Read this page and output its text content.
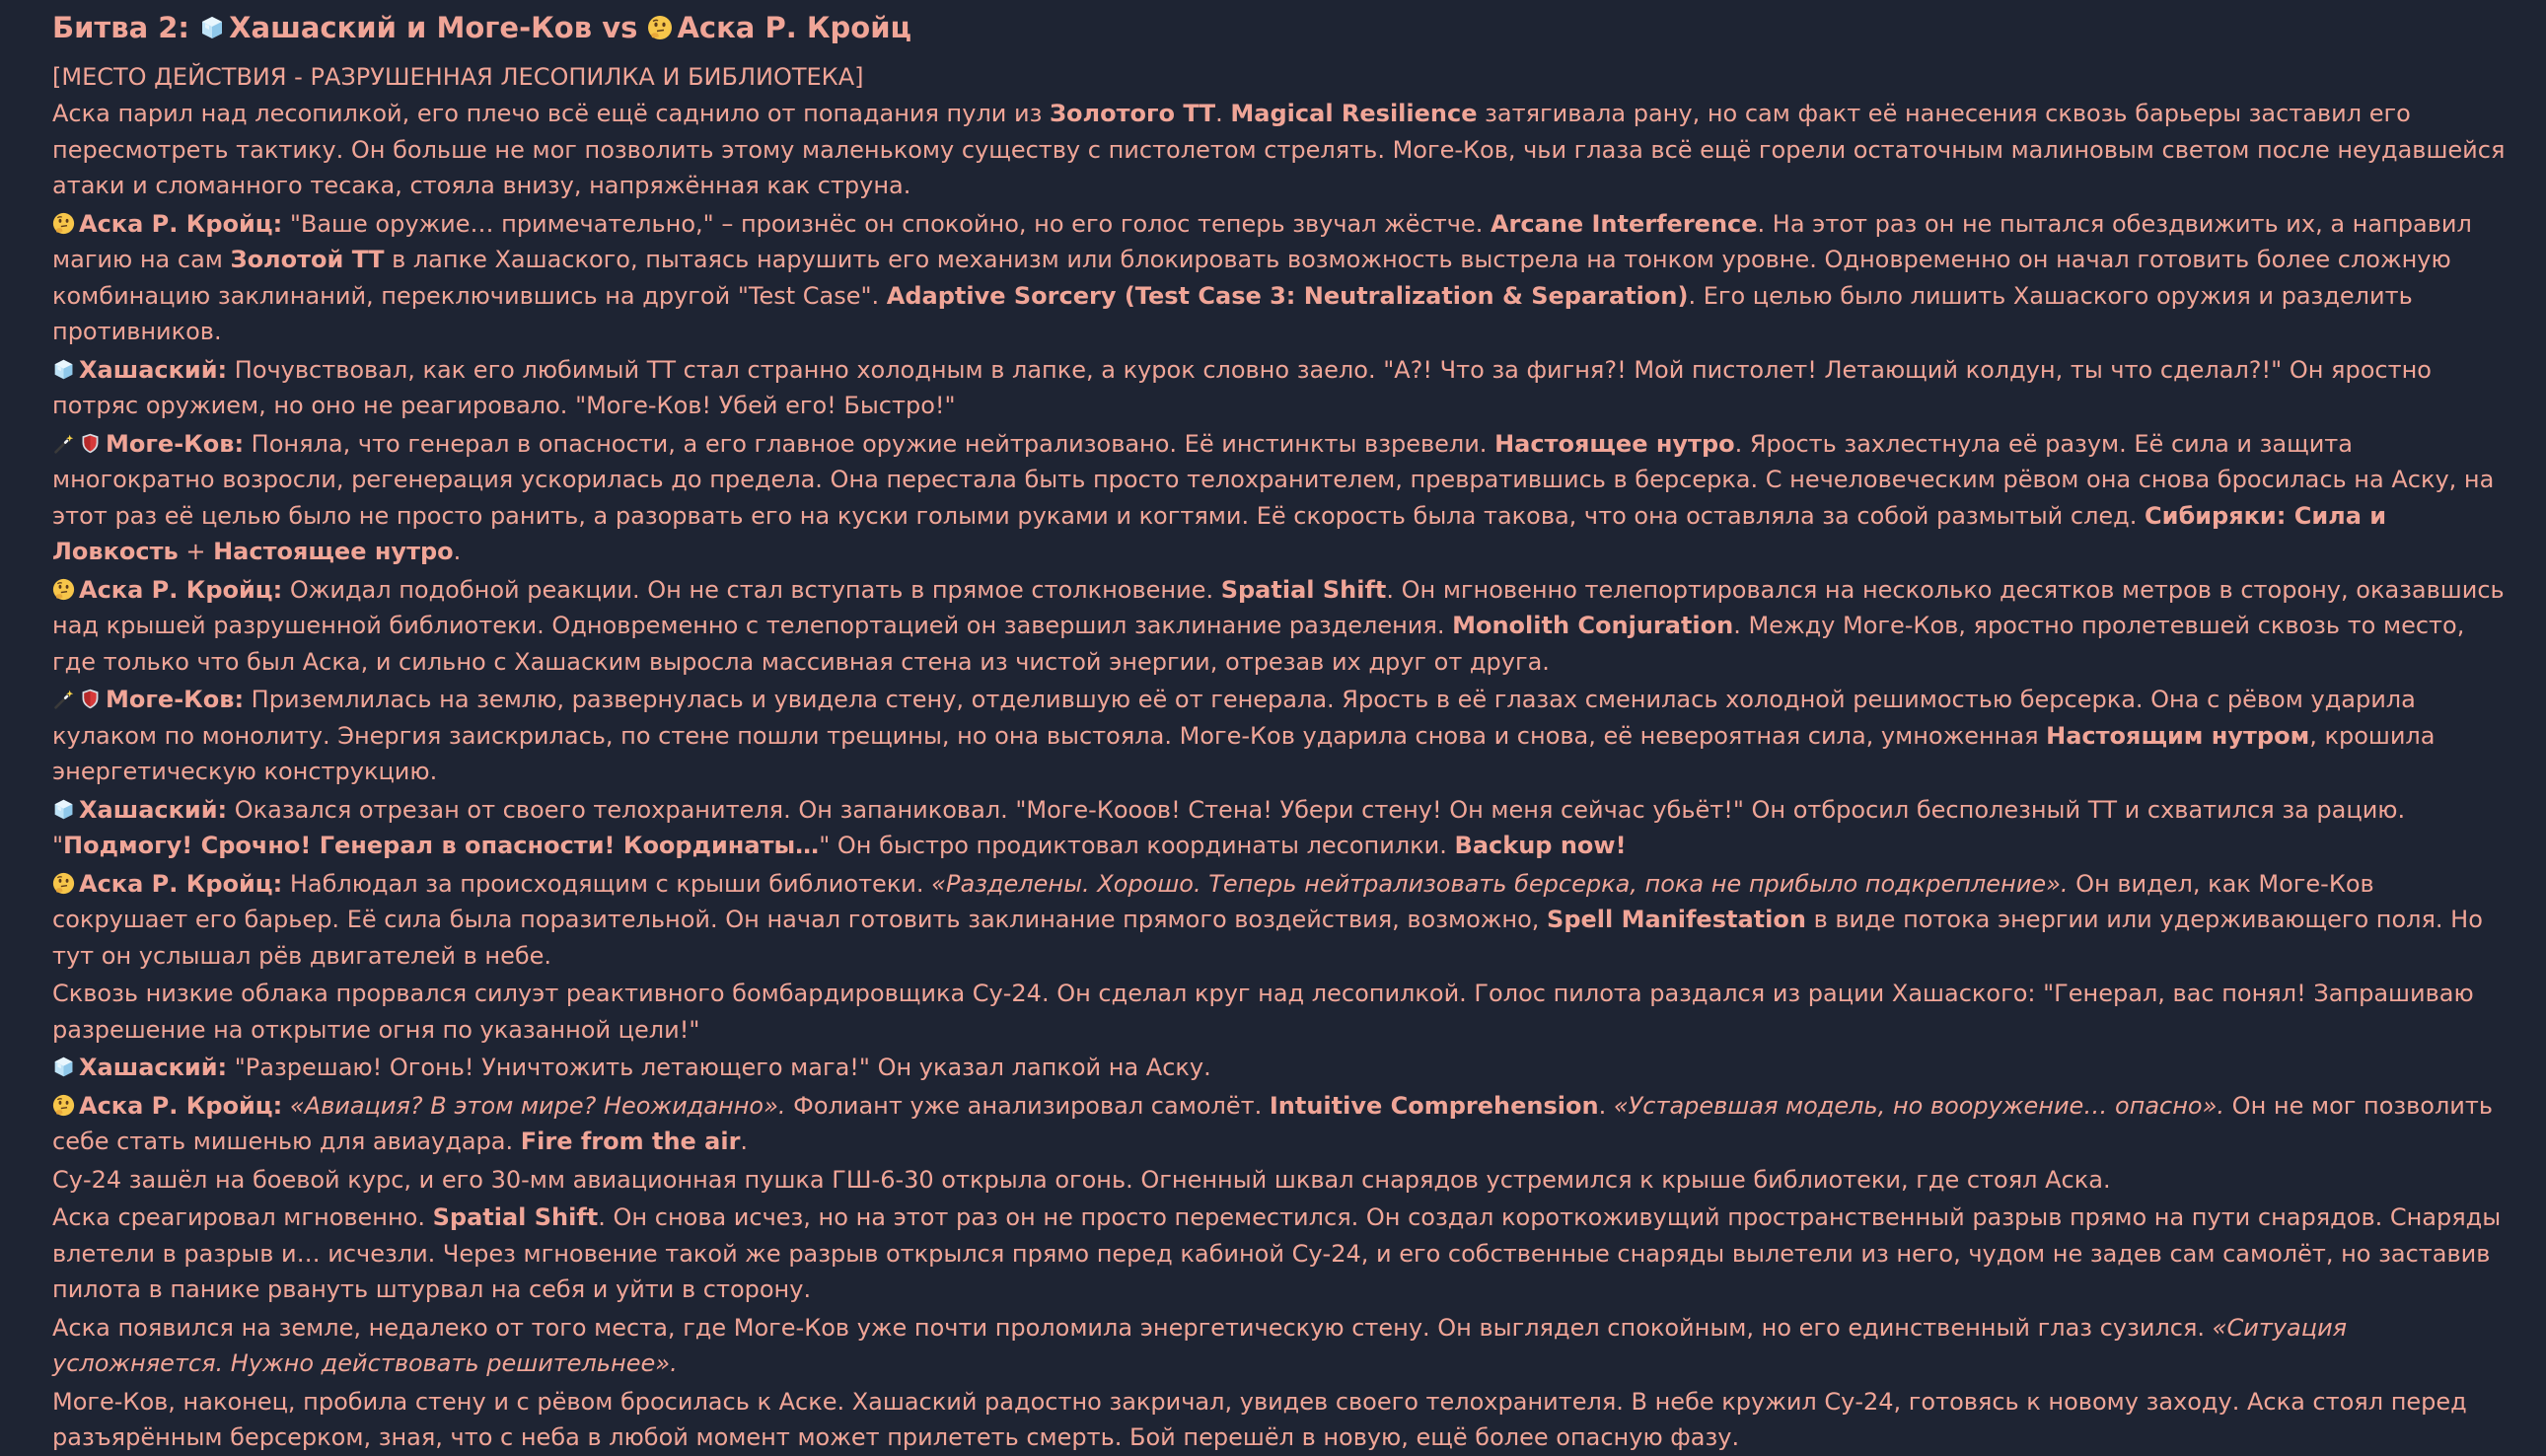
Битва 2: Хашаский и Моге-Ков vs Аска Р. Кройц
[МЕСТО ДЕЙСТВИЯ - РАЗРУШЕННАЯ ЛЕСОПИЛКА И БИБЛИОТЕКА]
Аска парил над лесопилкой, его плечо всё ещё саднило от попадания пули из Золотого ТТ. Magical Resilience затягивала рану, но сам факт её нанесения сквозь барьеры заставил его пересмотреть тактику. Он больше не мог позволить этому маленькому существу с пистолетом стрелять. Моге-Ков, чьи глаза всё ещё горели остаточным малиновым светом после неудавшейся атаки и сломанного тесака, стояла внизу, напряжённая как струна.
Аска Р. Кройц: "Ваше оружие… примечательно," – произнёс он спокойно, но его голос теперь звучал жёстче. Arcane Interference. На этот раз он не пытался обездвижить их, а направил магию на сам Золотой ТТ в лапке Хашаского, пытаясь нарушить его механизм или блокировать возможность выстрела на тонком уровне. Одновременно он начал готовить более сложную комбинацию заклинаний, переключившись на другой "Test Case". Adaptive Sorcery (Test Case 3: Neutralization & Separation). Его целью было лишить Хашаского оружия и разделить противников.
Хашаский: Почувствовал, как его любимый ТТ стал странно холодным в лапке, а курок словно заело. "А?! Что за фигня?! Мой пистолет! Летающий колдун, ты что сделал?!" Он яростно потряс оружием, но оно не реагировало. "Моге-Ков! Убей его! Быстро!"
Моге-Ков: Поняла, что генерал в опасности, а его главное оружие нейтрализовано. Её инстинкты взревели. Настоящее нутро. Ярость захлестнула её разум. Её сила и защита многократно возросли, регенерация ускорилась до предела. Она перестала быть просто телохранителем, превратившись в берсерка. С нечеловеческим рёвом она снова бросилась на Аску, на этот раз её целью было не просто ранить, а разорвать его на куски голыми руками и когтями. Её скорость была такова, что она оставляла за собой размытый след. Сибиряки: Сила и Ловкость + Настоящее нутро.
Аска Р. Кройц: Ожидал подобной реакции. Он не стал вступать в прямое столкновение. Spatial Shift. Он мгновенно телепортировался на несколько десятков метров в сторону, оказавшись над крышей разрушенной библиотеки. Одновременно с телепортацией он завершил заклинание разделения. Monolith Conjuration. Между Моге-Ков, яростно пролетевшей сквозь то место, где только что был Аска, и сильно с Хашаским выросла массивная стена из чистой энергии, отрезав их друг от друга.
Моге-Ков: Приземлилась на землю, развернулась и увидела стену, отделившую её от генерала. Ярость в её глазах сменилась холодной решимостью берсерка. Она с рёвом ударила кулаком по монолиту. Энергия заискрилась, по стене пошли трещины, но она выстояла. Моге-Ков ударила снова и снова, её невероятная сила, умноженная Настоящим нутром, крошила энергетическую конструкцию.
Хашаский: Оказался отрезан от своего телохранителя. Он запаниковал. "Моге-Кооов! Стена! Убери стену! Он меня сейчас убьёт!" Он отбросил бесполезный ТТ и схватился за рацию. "Подмогу! Срочно! Генерал в опасности! Координаты…" Он быстро продиктовал координаты лесопилки. Backup now!
Аска Р. Кройц: Наблюдал за происходящим с крыши библиотеки. «Разделены. Хорошо. Теперь нейтрализовать берсерка, пока не прибыло подкрепление». Он видел, как Моге-Ков сокрушает его барьер. Её сила была поразительной. Он начал готовить заклинание прямого воздействия, возможно, Spell Manifestation в виде потока энергии или удерживающего поля. Но тут он услышал рёв двигателей в небе.
Сквозь низкие облака прорвался силуэт реактивного бомбардировщика Су-24. Он сделал круг над лесопилкой. Голос пилота раздался из рации Хашаского: "Генерал, вас понял! Запрашиваю разрешение на открытие огня по указанной цели!"
Хашаский: "Разрешаю! Огонь! Уничтожить летающего мага!" Он указал лапкой на Аску.
Аска Р. Кройц: «Авиация? В этом мире? Неожиданно». Фолиант уже анализировал самолёт. Intuitive Comprehension. «Устаревшая модель, но вооружение… опасно». Он не мог позволить себе стать мишенью для авиаудара. Fire from the air.
Су-24 зашёл на боевой курс, и его 30-мм авиационная пушка ГШ-6-30 открыла огонь. Огненный шквал снарядов устремился к крыше библиотеки, где стоял Аска.
Аска среагировал мгновенно. Spatial Shift. Он снова исчез, но на этот раз он не просто переместился. Он создал короткоживущий пространственный разрыв прямо на пути снарядов. Снаряды влетели в разрыв и… исчезли. Через мгновение такой же разрыв открылся прямо перед кабиной Су-24, и его собственные снаряды вылетели из него, чудом не задев сам самолёт, но заставив пилота в панике рвануть штурвал на себя и уйти в сторону.
Аска появился на земле, недалеко от того места, где Моге-Ков уже почти проломила энергетическую стену. Он выглядел спокойным, но его единственный глаз сузился. «Ситуация усложняется. Нужно действовать решительнее».
Моге-Ков, наконец, пробила стену и с рёвом бросилась к Аске. Хашаский радостно закричал, увидев своего телохранителя. В небе кружил Су-24, готовясь к новому заходу. Аска стоял перед разъярённым берсерком, зная, что с неба в любой момент может прилететь смерть. Бой перешёл в новую, ещё более опасную фазу.
